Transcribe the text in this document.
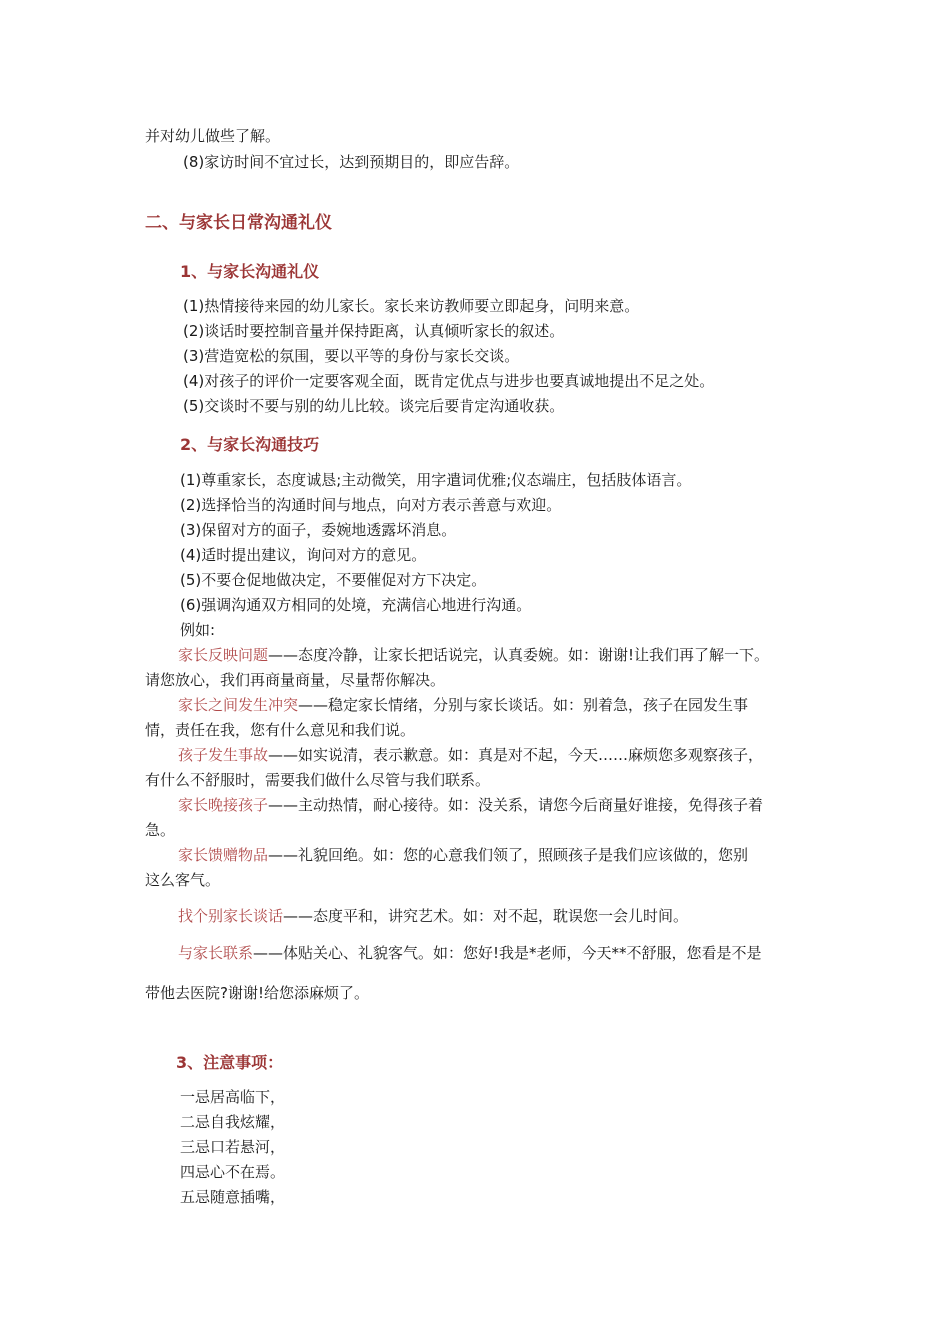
并对幼儿做些了解。
(8)家访时间不宜过长，达到预期目的，即应告辞。
二、与家长日常沟通礼仪
1、与家长沟通礼仪
(1)热情接待来园的幼儿家长。家长来访教师要立即起身，问明来意。
(2)谈话时要控制音量并保持距离，认真倾听家长的叙述。
(3)营造宽松的氛围，要以平等的身份与家长交谈。
(4)对孩子的评价一定要客观全面，既肯定优点与进步也要真诚地提出不足之处。
(5)交谈时不要与别的幼儿比较。谈完后要肯定沟通收获。
2、与家长沟通技巧
(1)尊重家长，态度诚恳;主动微笑，用字遣词优雅;仪态端庄，包括肢体语言。
(2)选择恰当的沟通时间与地点，向对方表示善意与欢迎。
(3)保留对方的面子，委婉地透露坏消息。
(4)适时提出建议，询问对方的意见。
(5)不要仓促地做决定，不要催促对方下决定。
(6)强调沟通双方相同的处境，充满信心地进行沟通。
例如:
家长反映问题——态度冷静，让家长把话说完，认真委婉。如：谢谢!让我们再了解一下。
请您放心，我们再商量商量，尽量帮你解决。
家长之间发生冲突——稳定家长情绪，分别与家长谈话。如：别着急，孩子在园发生事
情，责任在我，您有什么意见和我们说。
孩子发生事故——如实说清，表示歉意。如：真是对不起，今天……麻烦您多观察孩子，
有什么不舒服时，需要我们做什么尽管与我们联系。
家长晚接孩子——主动热情，耐心接待。如：没关系，请您今后商量好谁接，免得孩子着
急。
家长馈赠物品——礼貌回绝。如：您的心意我们领了，照顾孩子是我们应该做的，您别
这么客气。
找个别家长谈话——态度平和，讲究艺术。如：对不起，耽误您一会儿时间。
与家长联系——体贴关心、礼貌客气。如：您好!我是*老师，今天**不舒服，您看是不是
带他去医院?谢谢!给您添麻烦了。
3、注意事项：
一忌居高临下，
二忌自我炫耀，
三忌口若悬河，
四忌心不在焉。
五忌随意插嘴，
